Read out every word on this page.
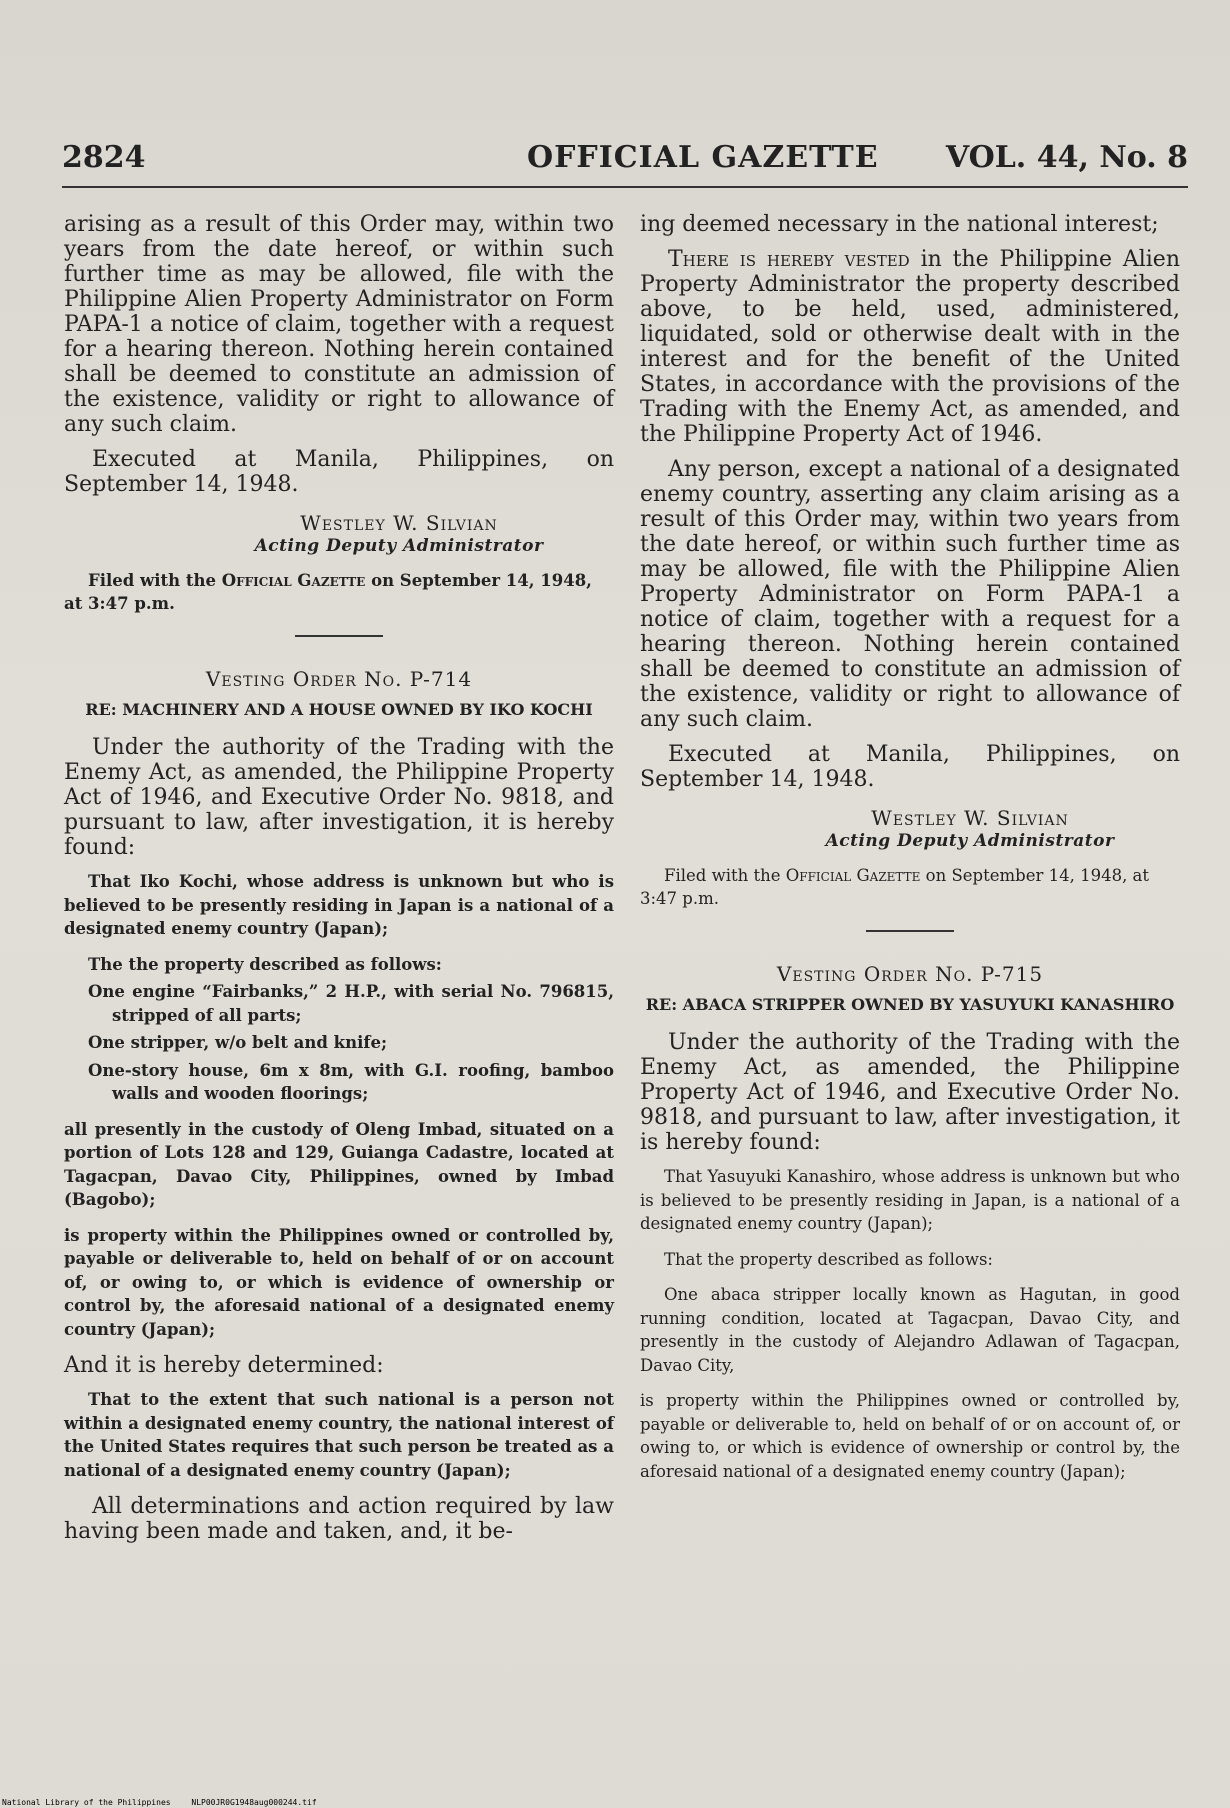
2824	OFFICIAL GAZETTE VOL. 44, No. 8

arising as a result of this Order may, within two years from the date hereof, or within such further time as may be allowed, file with the Philippine Alien Property Administrator on Form PAPA-1 a notice of claim, together with a request for a hearing thereon. Nothing herein contained shall be deemed to constitute an admission of the existence, validity or right to allowance of any such claim.

Executed at Manila, Philippines, on September 14, 1948.

Westley W. Silvian
Acting Deputy Administrator

Filed with the Official Gazette on September 14, 1948, at 3:47 p.m.

Vesting Order No. P-714
RE: MACHINERY AND A HOUSE OWNED BY IKO KOCHI

Under the authority of the Trading with the Enemy Act, as amended, the Philippine Property Act of 1946, and Executive Order No. 9818, and pursuant to law, after investigation, it is hereby found:

That Iko Kochi, whose address is unknown but who is believed to be presently residing in Japan is a national of a designated enemy country (Japan);

The the property described as follows:

One engine “Fairbanks,” 2 H.P., with serial No. 796815, stripped of all parts;

One stripper, w/o belt and knife;

One-story house, 6m x 8m, with G.I. roofing, bamboo walls and wooden floorings;

all presently in the custody of Oleng Imbad, situated on a portion of Lots 128 and 129, Guianga Cadastre, located at Tagacpan, Davao City, Philippines, owned by Imbad (Bagobo);

is property within the Philippines owned or controlled by, payable or deliverable to, held on behalf of or on account of, or owing to, or which is evidence of ownership or control by, the aforesaid national of a designated enemy country (Japan);

And it is hereby determined:

That to the extent that such national is a person not within a designated enemy country, the national interest of the United States requires that such person be treated as a national of a designated enemy country (Japan);

All determinations and action required by law having been made and taken, and, it be-

ing deemed necessary in the national interest;

There is hereby vested in the Philippine Alien Property Administrator the property described above, to be held, used, administered, liquidated, sold or otherwise dealt with in the interest and for the benefit of the United States, in accordance with the provisions of the Trading with the Enemy Act, as amended, and the Philippine Property Act of 1946.

Any person, except a national of a designated enemy country, asserting any claim arising as a result of this Order may, within two years from the date hereof, or within such further time as may be allowed, file with the Philippine Alien Property Administrator on Form PAPA-1 a notice of claim, together with a request for a hearing thereon. Nothing herein contained shall be deemed to constitute an admission of the existence, validity or right to allowance of any such claim.

Executed at Manila, Philippines, on September 14, 1948.

Westley W. Silvian
Acting Deputy Administrator

Filed with the Official Gazette on September 14, 1948, at 3:47 p.m.

Vesting Order No. P-715
RE: ABACA STRIPPER OWNED BY YASUYUKI KANASHIRO

Under the authority of the Trading with the Enemy Act, as amended, the Philippine Property Act of 1946, and Executive Order No. 9818, and pursuant to law, after investigation, it is hereby found:

That Yasuyuki Kanashiro, whose address is unknown but who is believed to be presently residing in Japan, is a national of a designated enemy country (Japan);

That the property described as follows:

One abaca stripper locally known as Hagutan, in good running condition, located at Tagacpan, Davao City, and presently in the custody of Alejandro Adlawan of Tagacpan, Davao City,

is property within the Philippines owned or controlled by, payable or deliverable to, held on behalf of or on account of, or owing to, or which is evidence of ownership or control by, the aforesaid national of a designated enemy country (Japan);

National Library of the Philippines	NLP00JR0G1948aug000244.tif
